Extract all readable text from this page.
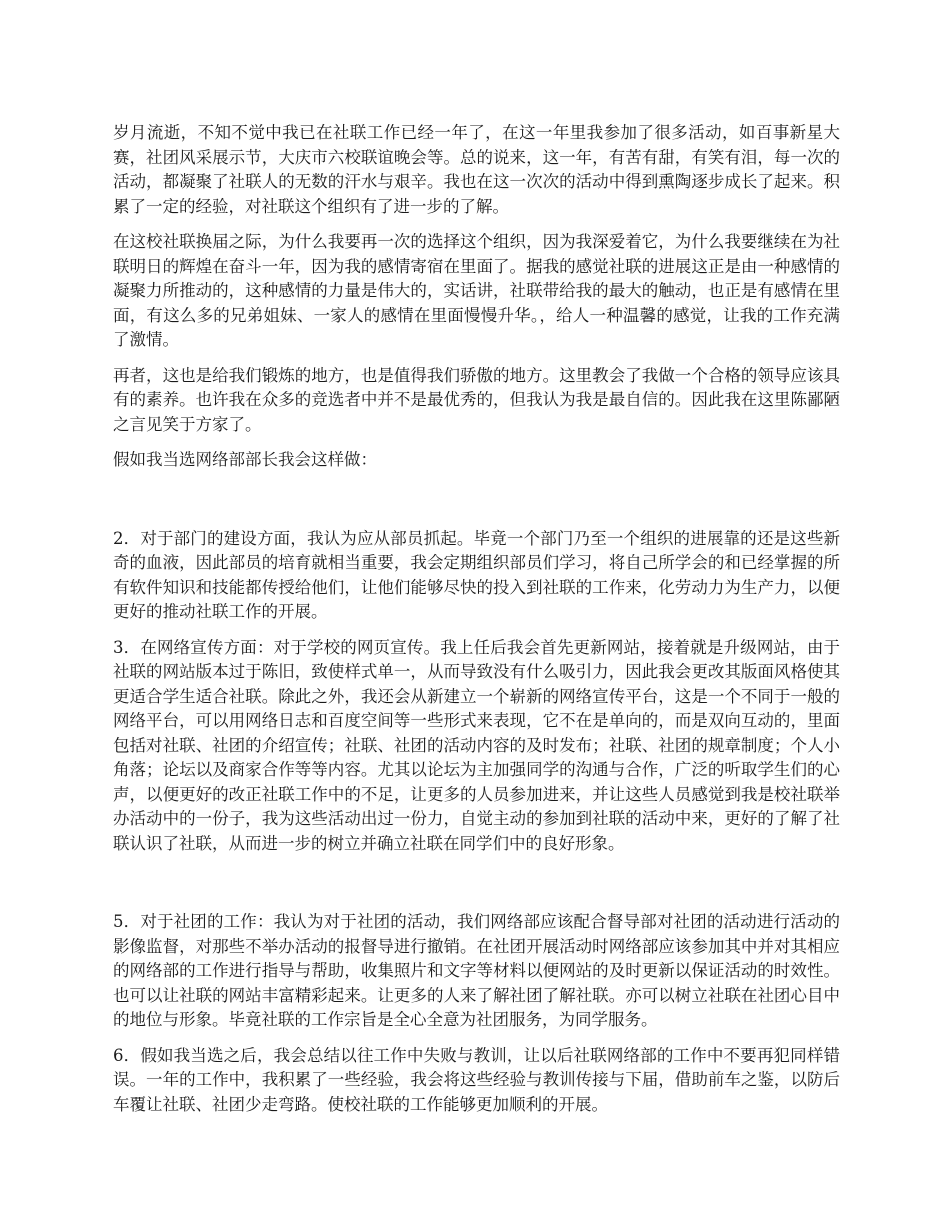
岁月流逝，不知不觉中我已在社联工作已经一年了，在这一年里我参加了很多活动，如百事新星大赛，社团风采展示节，大庆市六校联谊晚会等。总的说来，这一年，有苦有甜，有笑有泪，每一次的活动，都凝聚了社联人的无数的汗水与艰辛。我也在这一次次的活动中得到熏陶逐步成长了起来。积累了一定的经验，对社联这个组织有了进一步的了解。

在这校社联换届之际，为什么我要再一次的选择这个组织，因为我深爱着它，为什么我要继续在为社联明日的辉煌在奋斗一年，因为我的感情寄宿在里面了。据我的感觉社联的进展这正是由一种感情的凝聚力所推动的，这种感情的力量是伟大的，实话讲，社联带给我的最大的触动，也正是有感情在里面，有这么多的兄弟姐妹、一家人的感情在里面慢慢升华。，给人一种温馨的感觉，让我的工作充满了激情。

再者，这也是给我们锻炼的地方，也是值得我们骄傲的地方。这里教会了我做一个合格的领导应该具有的素养。也许我在众多的竞选者中并不是最优秀的，但我认为我是最自信的。因此我在这里陈鄙陋之言见笑于方家了。

假如我当选网络部部长我会这样做：

2．对于部门的建设方面，我认为应从部员抓起。毕竟一个部门乃至一个组织的进展靠的还是这些新奇的血液，因此部员的培育就相当重要，我会定期组织部员们学习，将自己所学会的和已经掌握的所有软件知识和技能都传授给他们，让他们能够尽快的投入到社联的工作来，化劳动力为生产力，以便更好的推动社联工作的开展。

3．在网络宣传方面：对于学校的网页宣传。我上任后我会首先更新网站，接着就是升级网站，由于社联的网站版本过于陈旧，致使样式单一，从而导致没有什么吸引力，因此我会更改其版面风格使其更适合学生适合社联。除此之外，我还会从新建立一个崭新的网络宣传平台，这是一个不同于一般的网络平台，可以用网络日志和百度空间等一些形式来表现，它不在是单向的，而是双向互动的，里面包括对社联、社团的介绍宣传；社联、社团的活动内容的及时发布；社联、社团的规章制度；个人小角落；论坛以及商家合作等等内容。尤其以论坛为主加强同学的沟通与合作，广泛的听取学生们的心声，以便更好的改正社联工作中的不足，让更多的人员参加进来，并让这些人员感觉到我是校社联举办活动中的一份子，我为这些活动出过一份力，自觉主动的参加到社联的活动中来，更好的了解了社联认识了社联，从而进一步的树立并确立社联在同学们中的良好形象。

5．对于社团的工作：我认为对于社团的活动，我们网络部应该配合督导部对社团的活动进行活动的影像监督，对那些不举办活动的报督导进行撤销。在社团开展活动时网络部应该参加其中并对其相应的网络部的工作进行指导与帮助，收集照片和文字等材料以便网站的及时更新以保证活动的时效性。也可以让社联的网站丰富精彩起来。让更多的人来了解社团了解社联。亦可以树立社联在社团心目中的地位与形象。毕竟社联的工作宗旨是全心全意为社团服务，为同学服务。

6．假如我当选之后，我会总结以往工作中失败与教训，让以后社联网络部的工作中不要再犯同样错误。一年的工作中，我积累了一些经验，我会将这些经验与教训传接与下届，借助前车之鉴，以防后车覆让社联、社团少走弯路。使校社联的工作能够更加顺利的开展。
